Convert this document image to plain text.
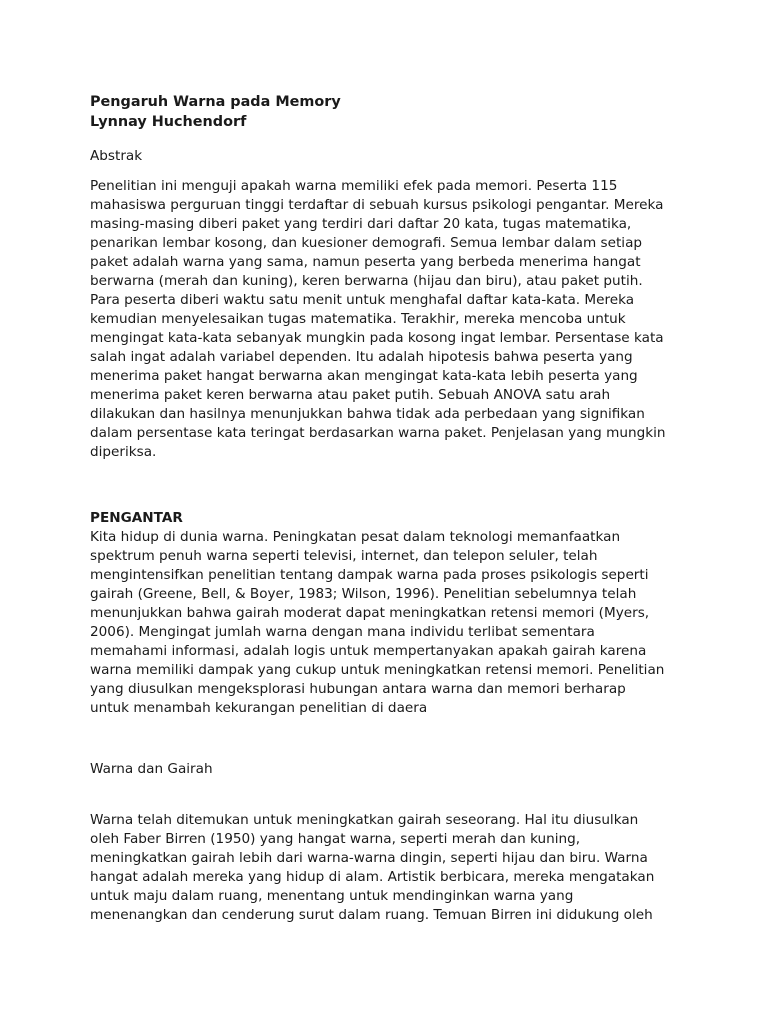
Pengaruh Warna pada Memory
Lynnay Huchendorf
Abstrak
Penelitian ini menguji apakah warna memiliki efek pada memori. Peserta 115
mahasiswa perguruan tinggi terdaftar di sebuah kursus psikologi pengantar. Mereka
masing-masing diberi paket yang terdiri dari daftar 20 kata, tugas matematika,
penarikan lembar kosong, dan kuesioner demografi. Semua lembar dalam setiap
paket adalah warna yang sama, namun peserta yang berbeda menerima hangat
berwarna (merah dan kuning), keren berwarna (hijau dan biru), atau paket putih.
Para peserta diberi waktu satu menit untuk menghafal daftar kata-kata. Mereka
kemudian menyelesaikan tugas matematika. Terakhir, mereka mencoba untuk
mengingat kata-kata sebanyak mungkin pada kosong ingat lembar. Persentase kata
salah ingat adalah variabel dependen. Itu adalah hipotesis bahwa peserta yang
menerima paket hangat berwarna akan mengingat kata-kata lebih peserta yang
menerima paket keren berwarna atau paket putih. Sebuah ANOVA satu arah
dilakukan dan hasilnya menunjukkan bahwa tidak ada perbedaan yang signifikan
dalam persentase kata teringat berdasarkan warna paket. Penjelasan yang mungkin
diperiksa.
PENGANTAR
Kita hidup di dunia warna. Peningkatan pesat dalam teknologi memanfaatkan
spektrum penuh warna seperti televisi, internet, dan telepon seluler, telah
mengintensifkan penelitian tentang dampak warna pada proses psikologis seperti
gairah (Greene, Bell, & Boyer, 1983; Wilson, 1996). Penelitian sebelumnya telah
menunjukkan bahwa gairah moderat dapat meningkatkan retensi memori (Myers,
2006). Mengingat jumlah warna dengan mana individu terlibat sementara
memahami informasi, adalah logis untuk mempertanyakan apakah gairah karena
warna memiliki dampak yang cukup untuk meningkatkan retensi memori. Penelitian
yang diusulkan mengeksplorasi hubungan antara warna dan memori berharap
untuk menambah kekurangan penelitian di daera
Warna dan Gairah
Warna telah ditemukan untuk meningkatkan gairah seseorang. Hal itu diusulkan
oleh Faber Birren (1950) yang hangat warna, seperti merah dan kuning,
meningkatkan gairah lebih dari warna-warna dingin, seperti hijau dan biru. Warna
hangat adalah mereka yang hidup di alam. Artistik berbicara, mereka mengatakan
untuk maju dalam ruang, menentang untuk mendinginkan warna yang
menenangkan dan cenderung surut dalam ruang. Temuan Birren ini didukung oleh
